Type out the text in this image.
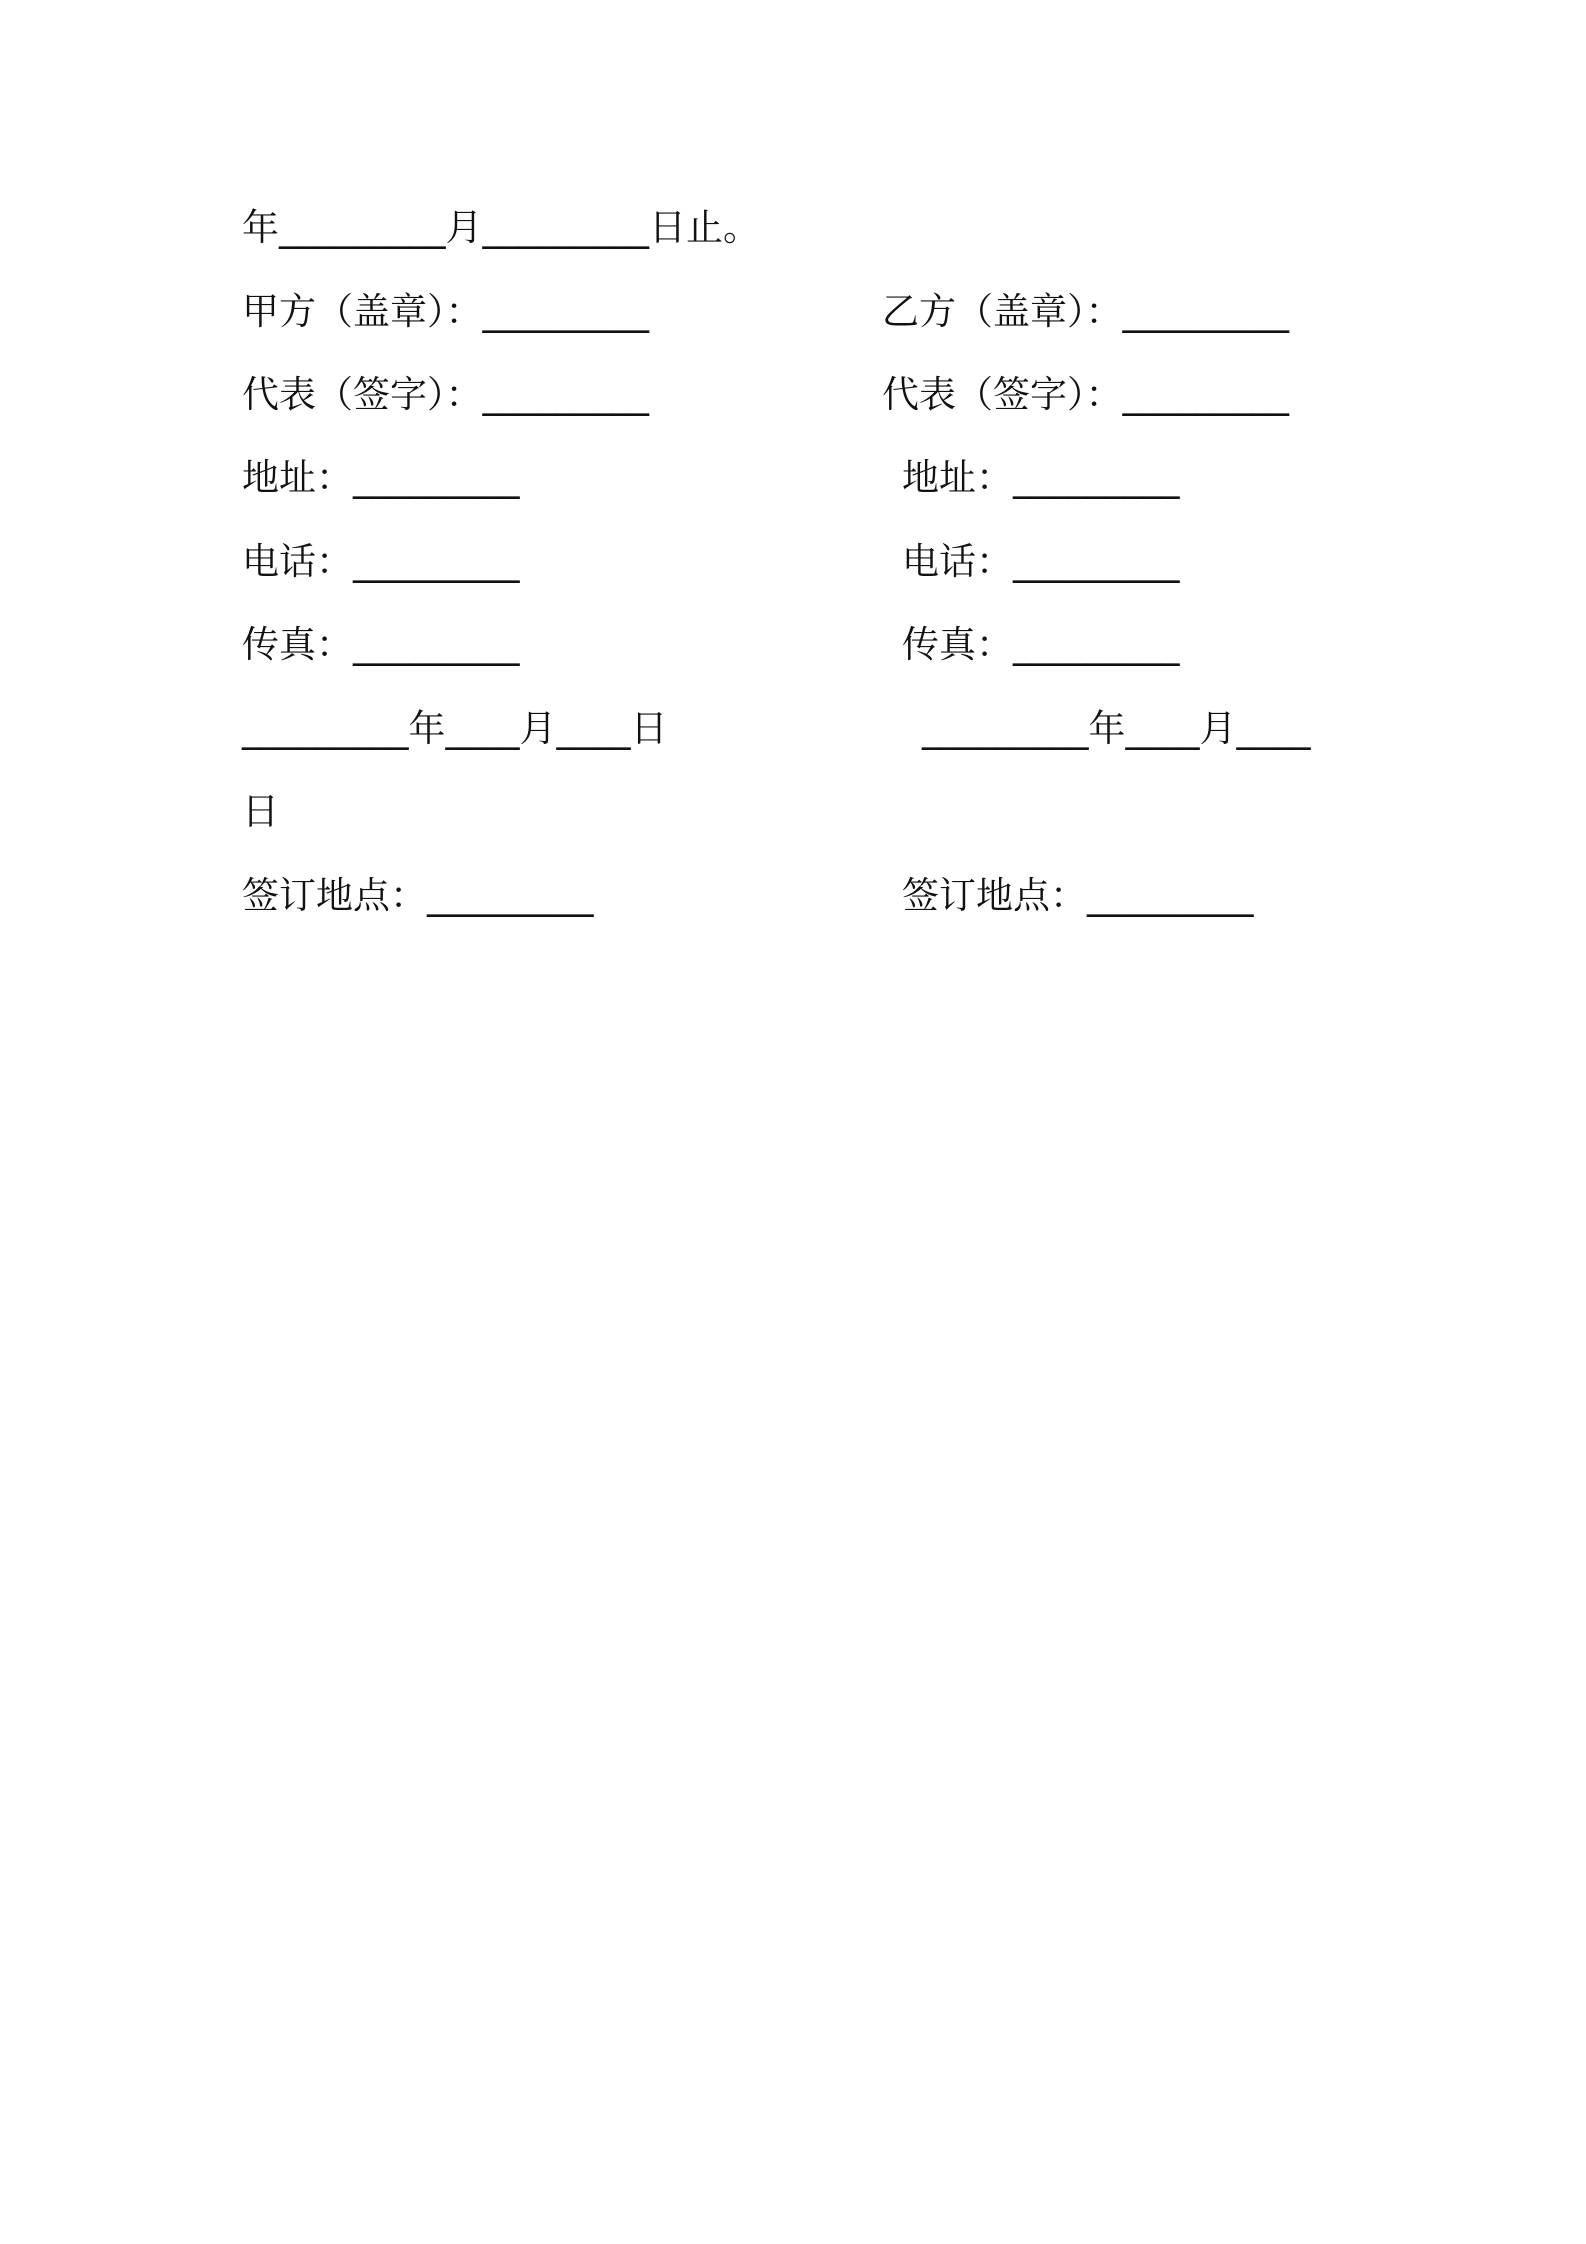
年_________月_________日止。
甲方（盖章）：_________	乙方（盖章）：_________
代表（签字）：_________	代表（签字）：_________
地址：_________	地址：_________
电话：_________	电话：_________
传真：_________	传真：_________
_________年____月____日	_________年____月____
日
签订地点：_________	签订地点：_________
